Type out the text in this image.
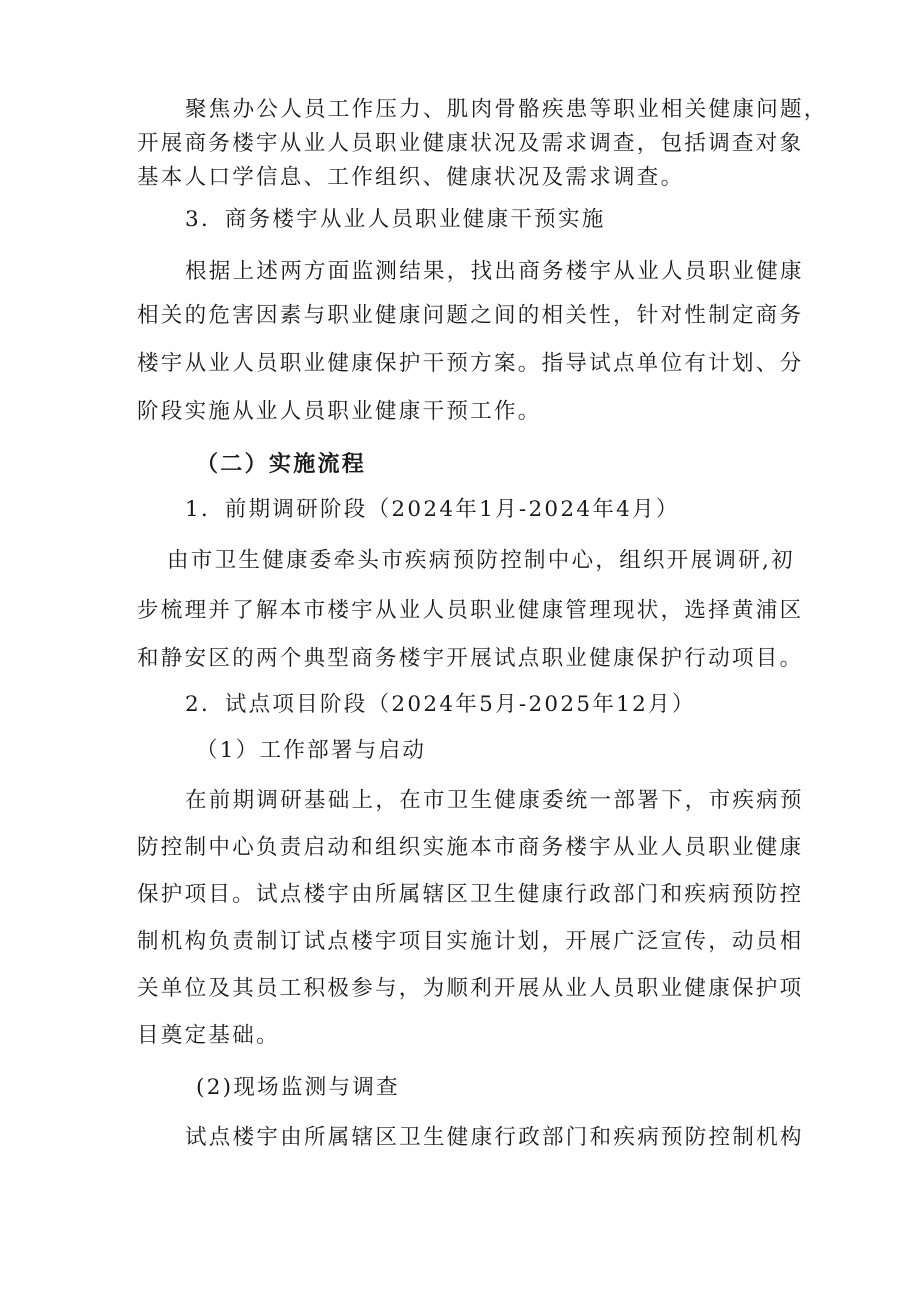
聚焦办公人员工作压力、肌肉骨骼疾患等职业相关健康问题，
开展商务楼宇从业人员职业健康状况及需求调查，包括调查对象
基本人口学信息、工作组织、健康状况及需求调查。
3．商务楼宇从业人员职业健康干预实施
根据上述两方面监测结果，找出商务楼宇从业人员职业健康
相关的危害因素与职业健康问题之间的相关性，针对性制定商务
楼宇从业人员职业健康保护干预方案。指导试点单位有计划、分
阶段实施从业人员职业健康干预工作。
（二）实施流程
1．前期调研阶段（2024年1月-2024年4月）
由市卫生健康委牵头市疾病预防控制中心，组织开展调研,初
步梳理并了解本市楼宇从业人员职业健康管理现状，选择黄浦区
和静安区的两个典型商务楼宇开展试点职业健康保护行动项目。
2．试点项目阶段（2024年5月-2025年12月）
（1）工作部署与启动
在前期调研基础上，在市卫生健康委统一部署下，市疾病预
防控制中心负责启动和组织实施本市商务楼宇从业人员职业健康
保护项目。试点楼宇由所属辖区卫生健康行政部门和疾病预防控
制机构负责制订试点楼宇项目实施计划，开展广泛宣传，动员相
关单位及其员工积极参与，为顺利开展从业人员职业健康保护项
目奠定基础。
(2)现场监测与调查
试点楼宇由所属辖区卫生健康行政部门和疾病预防控制机构
